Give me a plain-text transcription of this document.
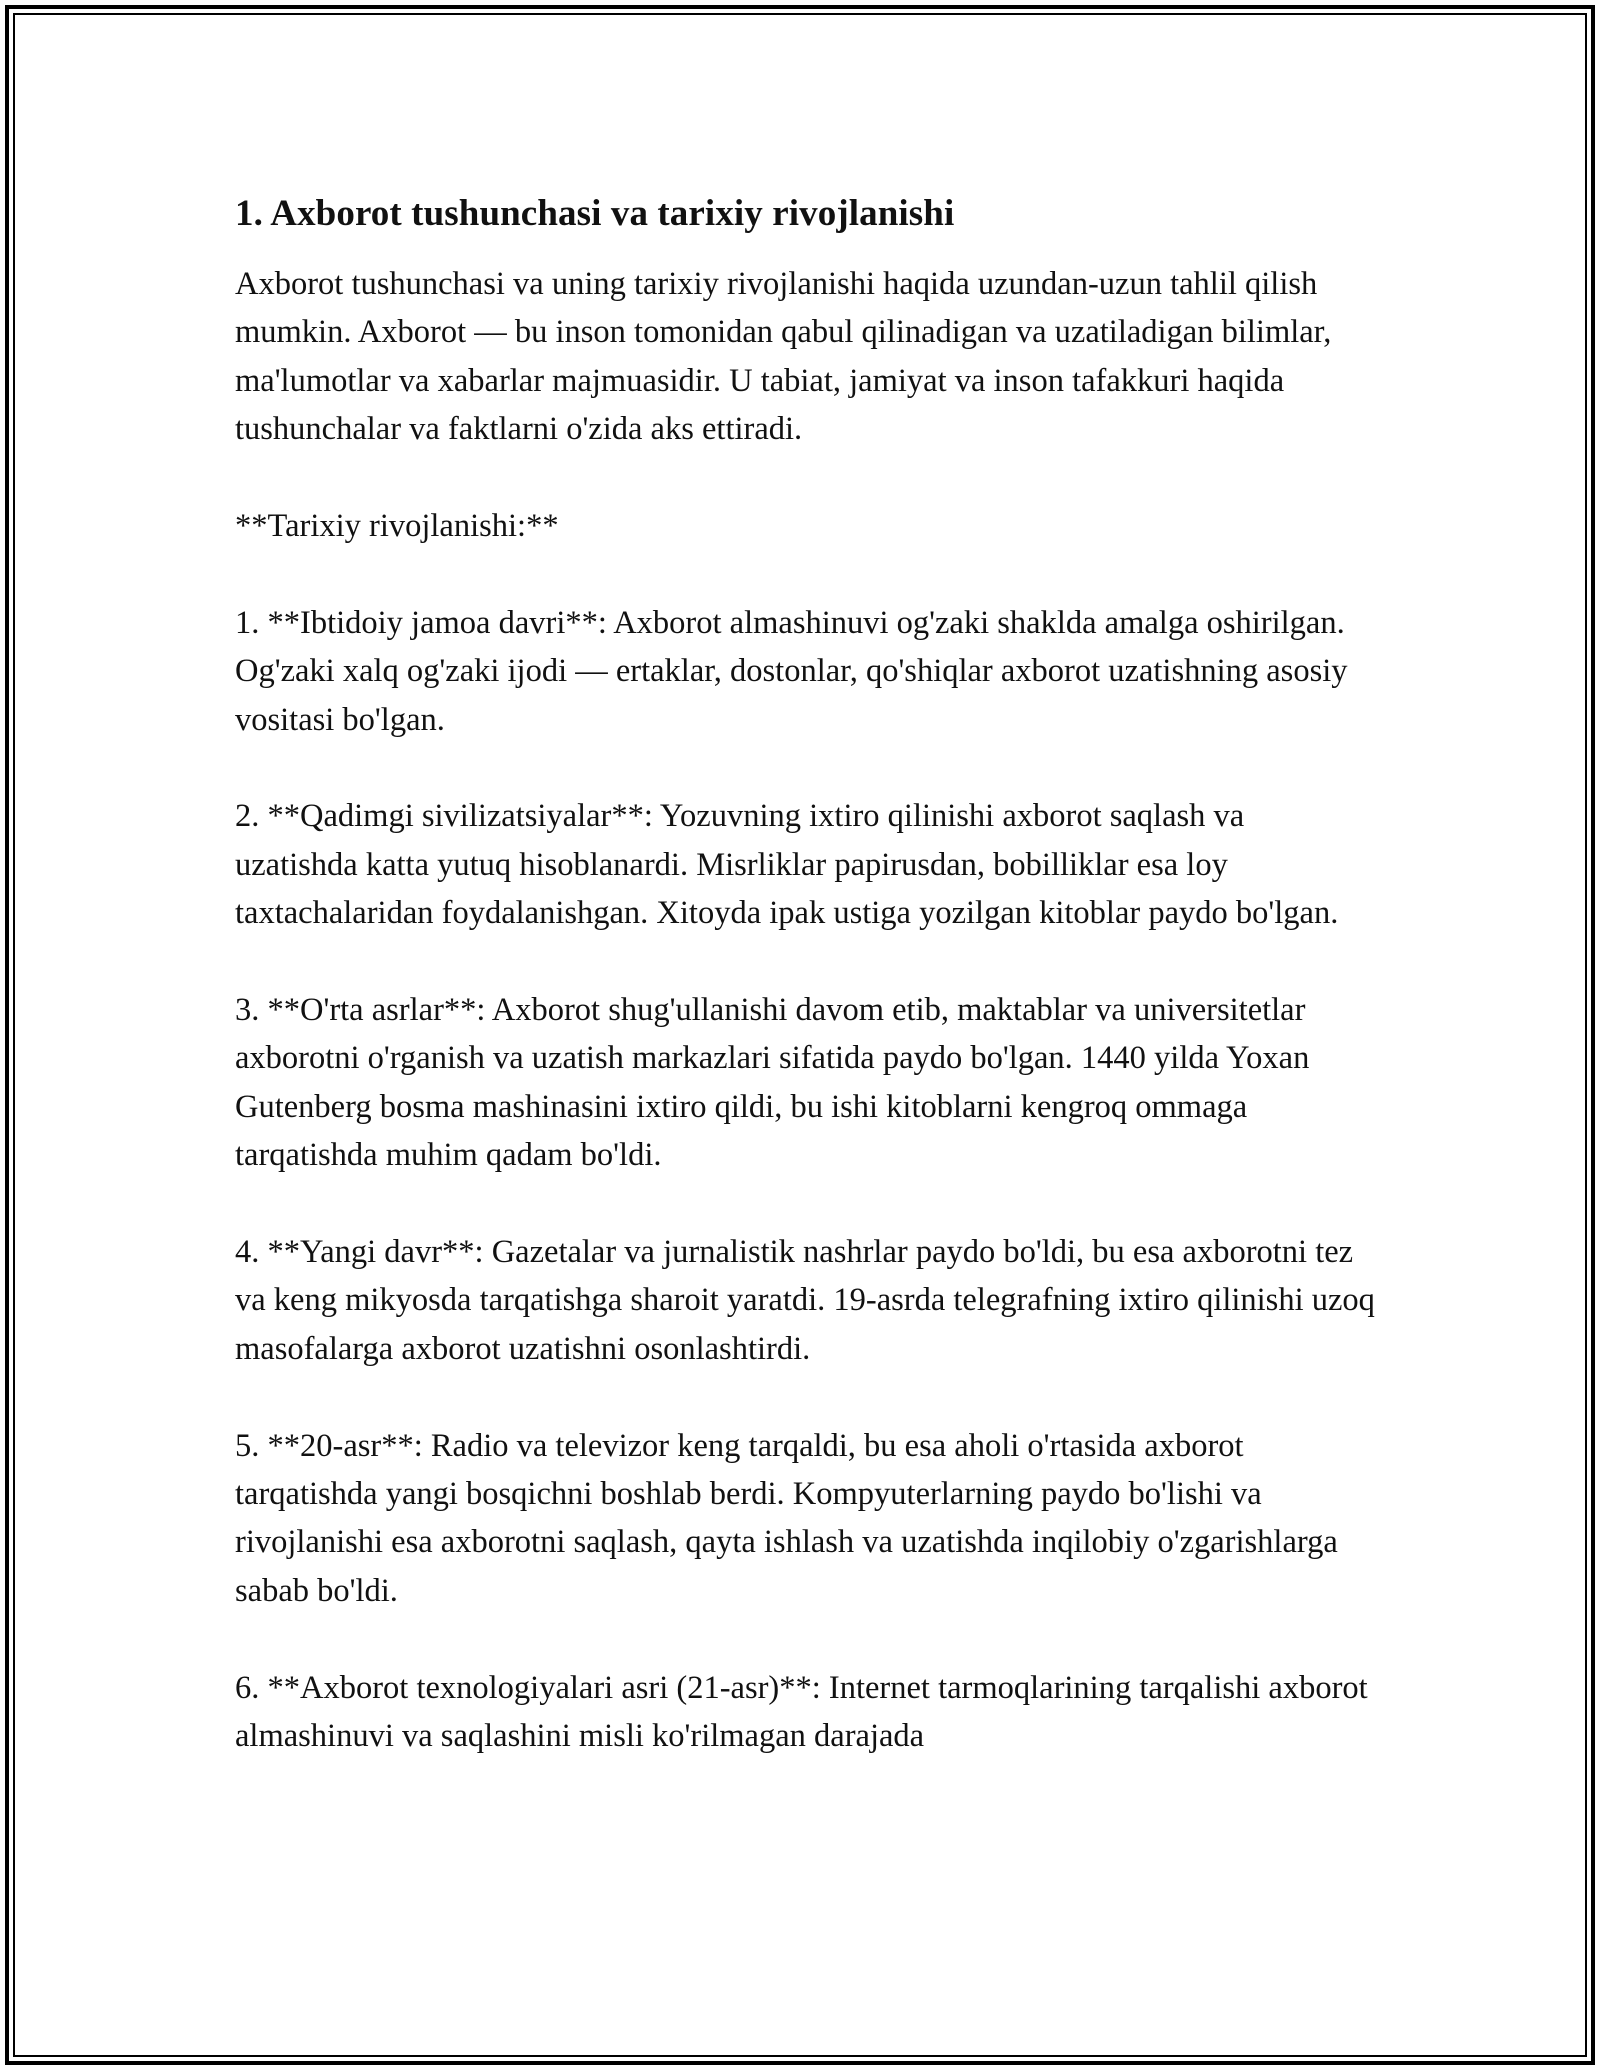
1. Axborot tushunchasi va tarixiy rivojlanishi

Axborot tushunchasi va uning tarixiy rivojlanishi haqida uzundan-uzun tahlil qilish mumkin. Axborot — bu inson tomonidan qabul qilinadigan va uzatiladigan bilimlar, ma'lumotlar va xabarlar majmuasidir. U tabiat, jamiyat va inson tafakkuri haqida tushunchalar va faktlarni o'zida aks ettiradi.

**Tarixiy rivojlanishi:**

1. **Ibtidoiy jamoa davri**: Axborot almashinuvi og'zaki shaklda amalga oshirilgan. Og'zaki xalq og'zaki ijodi — ertaklar, dostonlar, qo'shiqlar axborot uzatishning asosiy vositasi bo'lgan.

2. **Qadimgi sivilizatsiyalar**: Yozuvning ixtiro qilinishi axborot saqlash va uzatishda katta yutuq hisoblanardi. Misrliklar papirusdan, bobilliklar esa loy taxtachalaridan foydalanishgan. Xitoyda ipak ustiga yozilgan kitoblar paydo bo'lgan.

3. **O'rta asrlar**: Axborot shug'ullanishi davom etib, maktablar va universitetlar axborotni o'rganish va uzatish markazlari sifatida paydo bo'lgan. 1440 yilda Yoxan Gutenberg bosma mashinasini ixtiro qildi, bu ishi kitoblarni kengroq ommaga tarqatishda muhim qadam bo'ldi.

4. **Yangi davr**: Gazetalar va jurnalistik nashrlar paydo bo'ldi, bu esa axborotni tez va keng mikyosda tarqatishga sharoit yaratdi. 19-asrda telegrafning ixtiro qilinishi uzoq masofalarga axborot uzatishni osonlashtirdi.

5. **20-asr**: Radio va televizor keng tarqaldi, bu esa aholi o'rtasida axborot tarqatishda yangi bosqichni boshlab berdi. Kompyuterlarning paydo bo'lishi va rivojlanishi esa axborotni saqlash, qayta ishlash va uzatishda inqilobiy o'zgarishlarga sabab bo'ldi.

6. **Axborot texnologiyalari asri (21-asr)**: Internet tarmoqlarining tarqalishi axborot almashinuvi va saqlashini misli ko'rilmagan darajada
